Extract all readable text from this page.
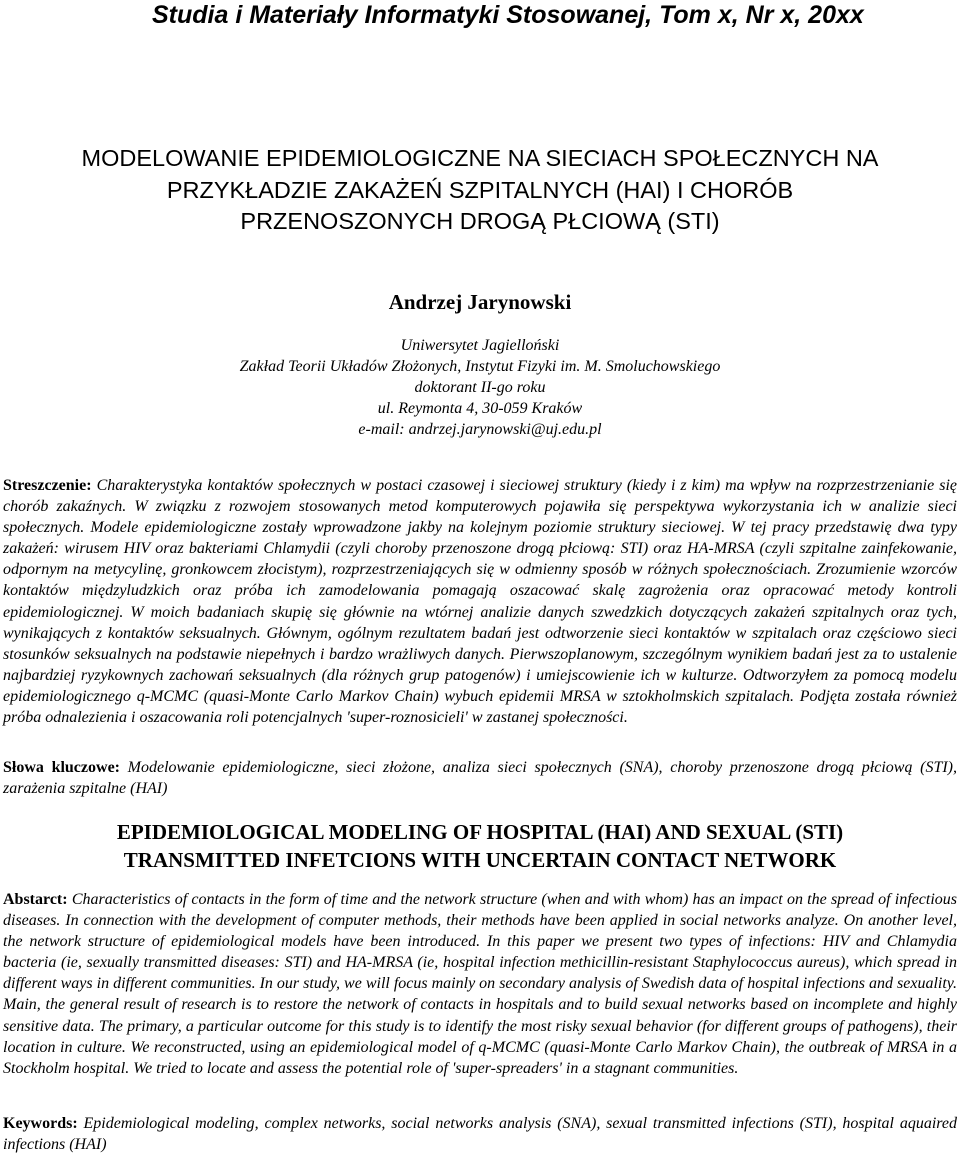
Studia i Materiały Informatyki Stosowanej, Tom x, Nr x, 20xx
MODELOWANIE EPIDEMIOLOGICZNE NA SIECIACH SPOŁECZNYCH NA
PRZYKŁADZIE ZAKAŻEŃ SZPITALNYCH (HAI) I CHORÓB
PRZENOSZONYCH DROGĄ PŁCIOWĄ (STI)
Andrzej Jarynowski
Uniwersytet Jagielloński
Zakład Teorii Układów Złożonych, Instytut Fizyki im. M. Smoluchowskiego
doktorant II-go roku
ul. Reymonta 4, 30-059 Kraków
e-mail: andrzej.jarynowski@uj.edu.pl
Streszczenie: Charakterystyka kontaktów społecznych w postaci czasowej i sieciowej struktury (kiedy i z kim) ma wpływ na rozprzestrzenianie się chorób zakaźnych. W związku z rozwojem stosowanych metod komputerowych pojawiła się perspektywa wykorzystania ich w analizie sieci społecznych. Modele epidemiologiczne zostały wprowadzone jakby na kolejnym poziomie struktury sieciowej. W tej pracy przedstawię dwa typy zakażeń: wirusem HIV oraz bakteriami Chlamydii (czyli choroby przenoszone drogą płciową: STI) oraz HA-MRSA (czyli szpitalne zainfekowanie, odpornym na metycylinę, gronkowcem złocistym), rozprzestrzeniających się w odmienny sposób w różnych społecznościach. Zrozumienie wzorców kontaktów międzyludzkich oraz próba ich zamodelowania pomagają oszacować skalę zagrożenia oraz opracować metody kontroli epidemiologicznej. W moich badaniach skupię się głównie na wtórnej analizie danych szwedzkich dotyczących zakażeń szpitalnych oraz tych, wynikających z kontaktów seksualnych. Głównym, ogólnym rezultatem badań jest odtworzenie sieci kontaktów w szpitalach oraz częściowo sieci stosunków seksualnych na podstawie niepełnych i bardzo wrażliwych danych. Pierwszoplanowym, szczególnym wynikiem badań jest za to ustalenie najbardziej ryzykownych zachowań seksualnych (dla różnych grup patogenów) i umiejscowienie ich w kulturze. Odtworzyłem za pomocą modelu epidemiologicznego q-MCMC (quasi-Monte Carlo Markov Chain) wybuch epidemii MRSA w sztokholmskich szpitalach. Podjęta została również próba odnalezienia i oszacowania roli potencjalnych 'super-roznosicieli' w zastanej społeczności.
Słowa kluczowe: Modelowanie epidemiologiczne, sieci złożone, analiza sieci społecznych (SNA), choroby przenoszone drogą płciową (STI), zarażenia szpitalne (HAI)
EPIDEMIOLOGICAL MODELING OF HOSPITAL (HAI) AND SEXUAL (STI)
TRANSMITTED INFETCIONS WITH UNCERTAIN CONTACT NETWORK
Abstarct: Characteristics of contacts in the form of time and the network structure (when and with whom) has an impact on the spread of infectious diseases. In connection with the development of computer methods, their methods have been applied in social networks analyze. On another level, the network structure of epidemiological models have been introduced. In this paper we present two types of infections: HIV and Chlamydia bacteria (ie, sexually transmitted diseases: STI) and HA-MRSA (ie, hospital infection methicillin-resistant Staphylococcus aureus), which spread in different ways in different communities. In our study, we will focus mainly on secondary analysis of Swedish data of hospital infections and sexuality. Main, the general result of research is to restore the network of contacts in hospitals and to build sexual networks based on incomplete and highly sensitive data. The primary, a particular outcome for this study is to identify the most risky sexual behavior (for different groups of pathogens), their location in culture. We reconstructed, using an epidemiological model of q-MCMC (quasi-Monte Carlo Markov Chain), the outbreak of MRSA in a Stockholm hospital. We tried to locate and assess the potential role of 'super-spreaders' in a stagnant communities.
Keywords: Epidemiological modeling, complex networks, social networks analysis (SNA), sexual transmitted infections (STI), hospital aquaired infections (HAI)
